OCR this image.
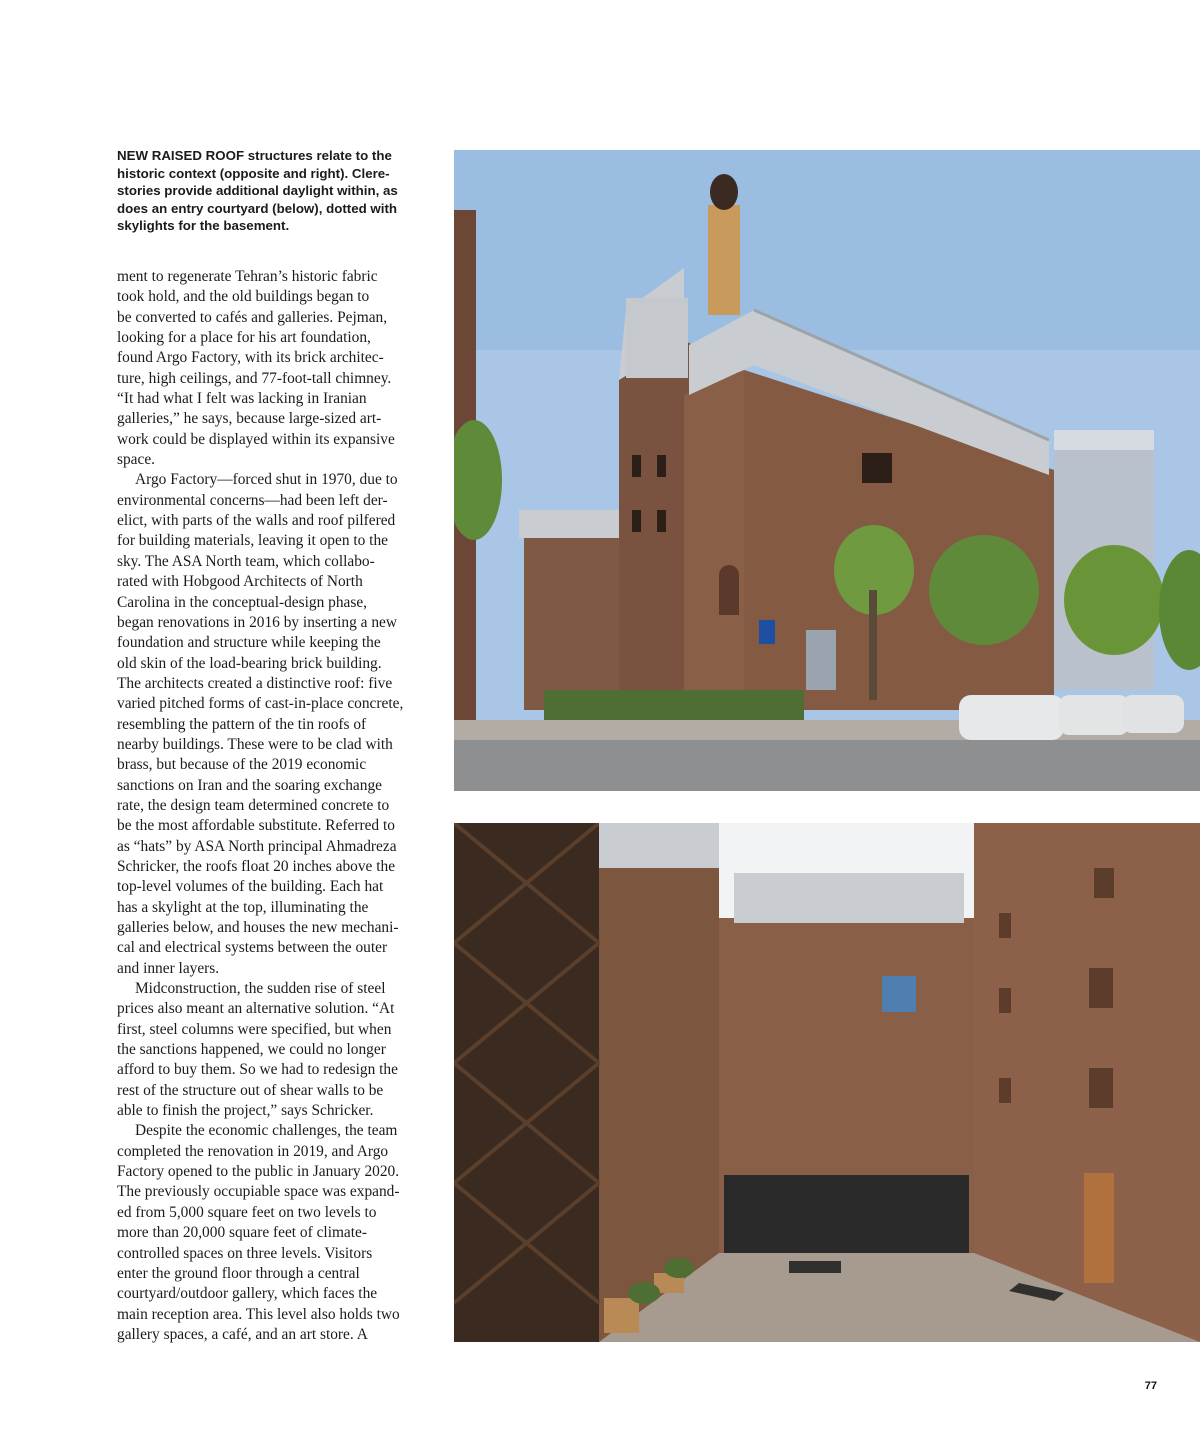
NEW RAISED ROOF structures relate to the
historic context (opposite and right). Clere-
stories provide additional daylight within, as
does an entry courtyard (below), dotted with
skylights for the basement.
ment to regenerate Tehran’s historic fabric
took hold, and the old buildings began to
be converted to cafés and galleries. Pejman,
looking for a place for his art foundation,
found Argo Factory, with its brick architec-
ture, high ceilings, and 77-foot-tall chimney.
“It had what I felt was lacking in Iranian
galleries,” he says, because large-sized art-
work could be displayed within its expansive
space.
Argo Factory—forced shut in 1970, due to
environmental concerns—had been left der-
elict, with parts of the walls and roof pilfered
for building materials, leaving it open to the
sky. The ASA North team, which collabo-
rated with Hobgood Architects of North
Carolina in the conceptual-design phase,
began renovations in 2016 by inserting a new
foundation and structure while keeping the
old skin of the load-bearing brick building.
The architects created a distinctive roof: five
varied pitched forms of cast-in-place concrete,
resembling the pattern of the tin roofs of
nearby buildings. These were to be clad with
brass, but because of the 2019 economic
sanctions on Iran and the soaring exchange
rate, the design team determined concrete to
be the most affordable substitute. Referred to
as “hats” by ASA North principal Ahmadreza
Schricker, the roofs float 20 inches above the
top-level volumes of the building. Each hat
has a skylight at the top, illuminating the
galleries below, and houses the new mechani-
cal and electrical systems between the outer
and inner layers.
Midconstruction, the sudden rise of steel
prices also meant an alternative solution. “At
first, steel columns were specified, but when
the sanctions happened, we could no longer
afford to buy them. So we had to redesign the
rest of the structure out of shear walls to be
able to finish the project,” says Schricker.
Despite the economic challenges, the team
completed the renovation in 2019, and Argo
Factory opened to the public in January 2020.
The previously occupiable space was expand-
ed from 5,000 square feet on two levels to
more than 20,000 square feet of climate-
controlled spaces on three levels. Visitors
enter the ground floor through a central
courtyard/outdoor gallery, which faces the
main reception area. This level also holds two
gallery spaces, a café, and an art store. A
77
